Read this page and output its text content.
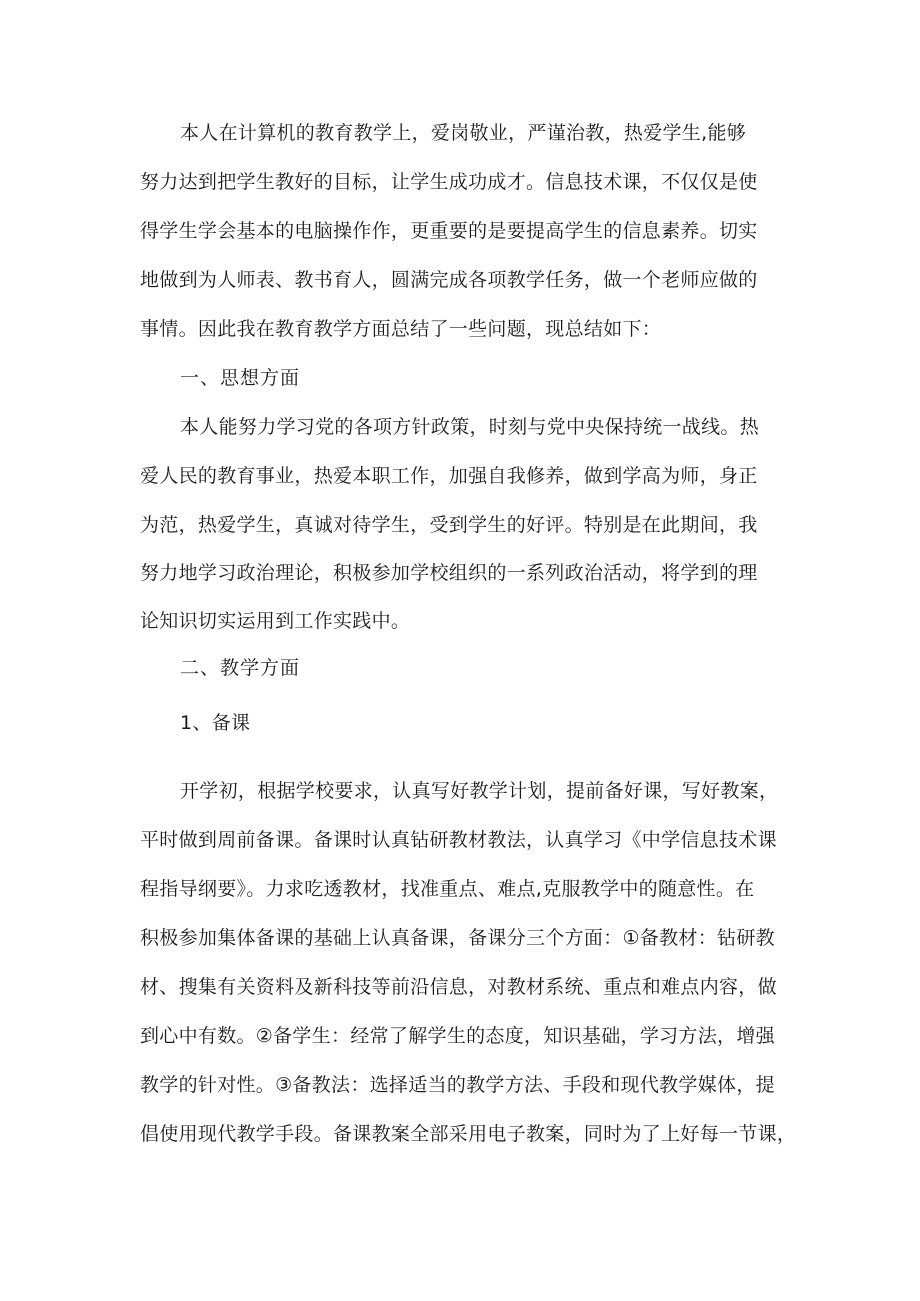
本人在计算机的教育教学上，爱岗敬业，严谨治教，热爱学生,能够
努力达到把学生教好的目标，让学生成功成才。信息技术课，不仅仅是使
得学生学会基本的电脑操作作，更重要的是要提高学生的信息素养。切实
地做到为人师表、教书育人，圆满完成各项教学任务，做一个老师应做的
事情。因此我在教育教学方面总结了一些问题，现总结如下：
一、思想方面
本人能努力学习党的各项方针政策，时刻与党中央保持统一战线。热
爱人民的教育事业，热爱本职工作，加强自我修养，做到学高为师，身正
为范，热爱学生，真诚对待学生，受到学生的好评。特别是在此期间，我
努力地学习政治理论，积极参加学校组织的一系列政治活动，将学到的理
论知识切实运用到工作实践中。
二、教学方面
1、备课
开学初，根据学校要求，认真写好教学计划，提前备好课，写好教案，
平时做到周前备课。备课时认真钻研教材教法，认真学习《中学信息技术课
程指导纲要》。力求吃透教材，找准重点、难点,克服教学中的随意性。在
积极参加集体备课的基础上认真备课，备课分三个方面：①备教材：钻研教
材、搜集有关资料及新科技等前沿信息，对教材系统、重点和难点内容，做
到心中有数。②备学生：经常了解学生的态度，知识基础，学习方法，增强
教学的针对性。③备教法：选择适当的教学方法、手段和现代教学媒体，提
倡使用现代教学手段。备课教案全部采用电子教案，同时为了上好每一节课，
